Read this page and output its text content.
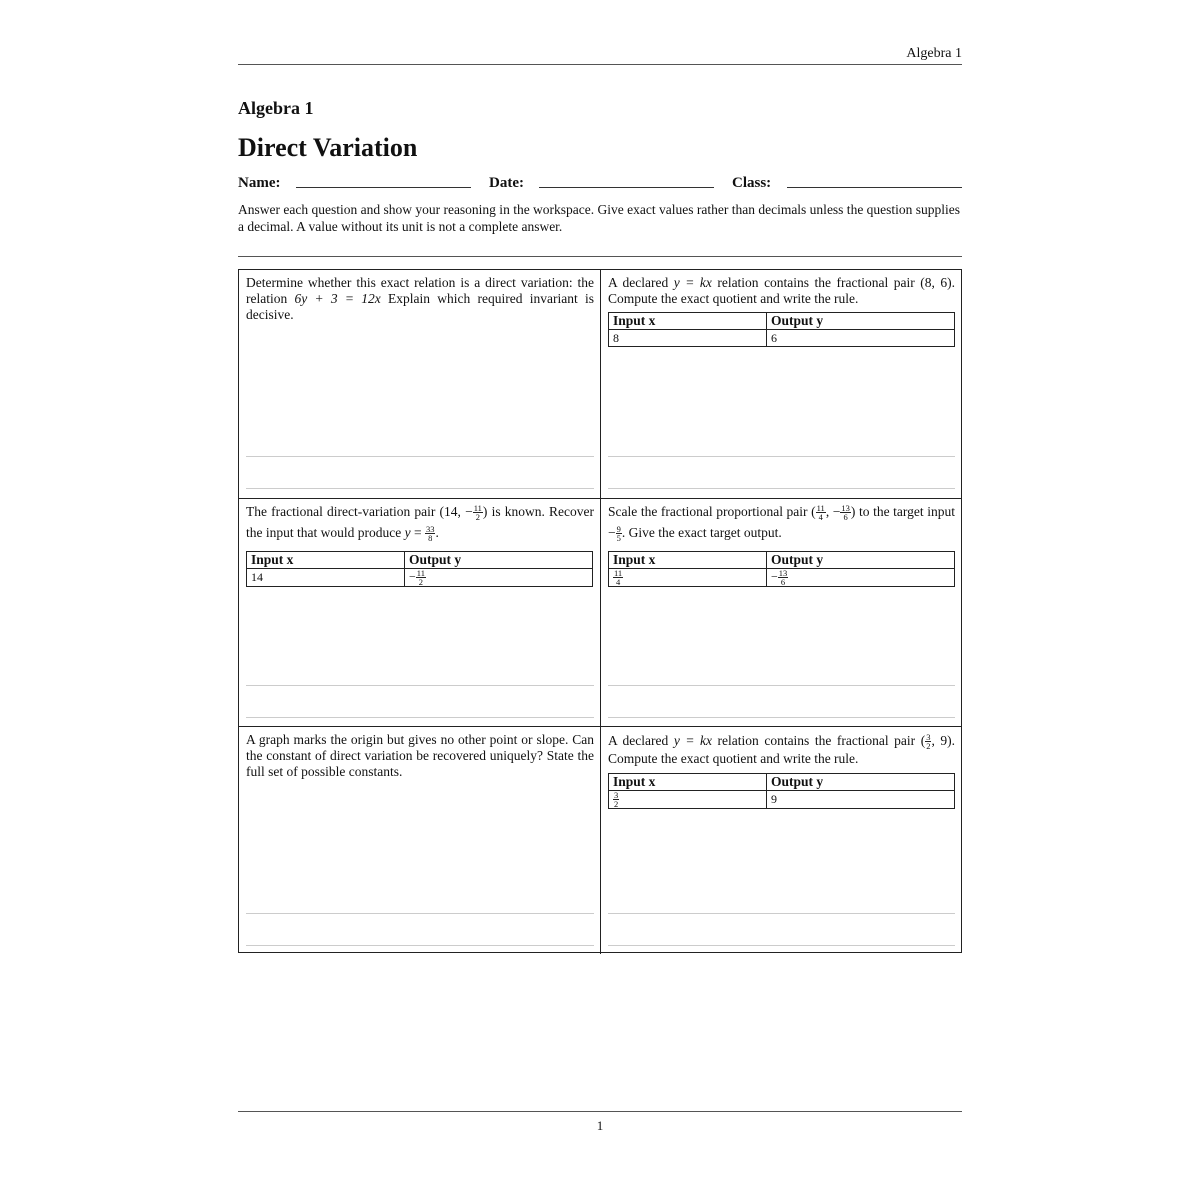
Algebra 1
Algebra 1
Direct Variation
Name:	Date:	Class:
Answer each question and show your reasoning in the workspace. Give exact values rather than decimals unless the question supplies a decimal. A value without its unit is not a complete answer.
Determine whether this exact relation is a direct variation: the relation 6y + 3 = 12x Explain which required invariant is decisive.
A declared y = kx relation contains the fractional pair (8, 6). Compute the exact quotient and write the rule.
Input x	Output y
8	6
The fractional direct-variation pair (14, − $\frac{11}{2}$ ) is known. Recover the input that would produce $y = \frac{33}{8}$ .
Input x	Output y
14	− $\frac{11}{2}$
Scale the fractional proportional pair ( $\frac{11}{4}$ , − $\frac{13}{6}$ ) to the target input − $\frac{9}{5}$ . Give the exact target output.
Input x	Output y

$\frac{11}{4}$	− $\frac{13}{6}$
A graph marks the origin but gives no other point or slope. Can the constant of direct variation be recovered uniquely? State the full set of possible constants.
A declared y = kx relation contains the fractional pair ( $\frac{3}{2}$ , 9). Compute the exact quotient and write the rule.
Input x	Output y

$\frac{3}{2}$	9
1
